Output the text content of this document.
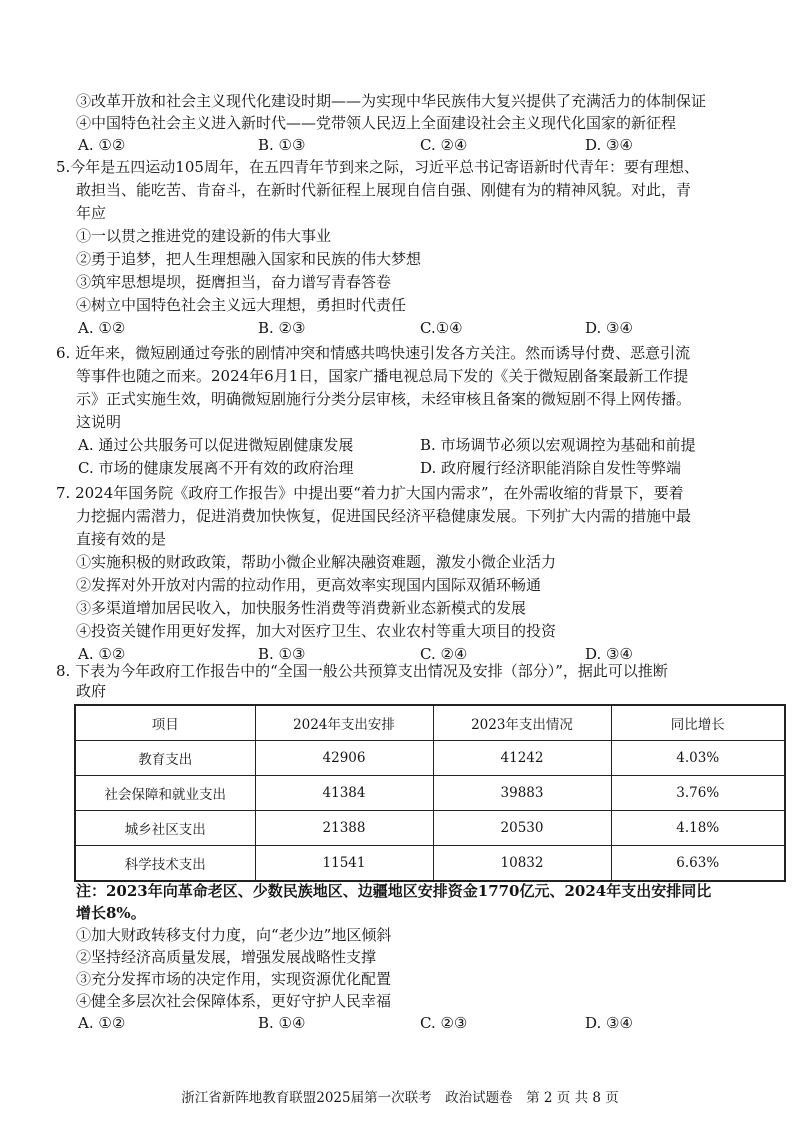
③改革开放和社会主义现代化建设时期——为实现中华民族伟大复兴提供了充满活力的体制保证
④中国特色社会主义进入新时代——党带领人民迈上全面建设社会主义现代化国家的新征程
A. ①②	B. ①③	C. ②④	D. ③④
5.今年是五四运动105周年，在五四青年节到来之际，习近平总书记寄语新时代青年：要有理想、
敢担当、能吃苦、肯奋斗，在新时代新征程上展现自信自强、刚健有为的精神风貌。对此，青
年应
①一以贯之推进党的建设新的伟大事业
②勇于追梦，把人生理想融入国家和民族的伟大梦想
③筑牢思想堤坝，挺膺担当，奋力谱写青春答卷
④树立中国特色社会主义远大理想，勇担时代责任
A. ①②	B. ②③	C.①④	D. ③④
6. 近年来，微短剧通过夸张的剧情冲突和情感共鸣快速引发各方关注。然而诱导付费、恶意引流
等事件也随之而来。2024年6月1日，国家广播电视总局下发的《关于微短剧备案最新工作提
示》正式实施生效，明确微短剧施行分类分层审核，未经审核且备案的微短剧不得上网传播。
这说明
A. 通过公共服务可以促进微短剧健康发展	B. 市场调节必须以宏观调控为基础和前提
C. 市场的健康发展离不开有效的政府治理	D. 政府履行经济职能消除自发性等弊端
7. 2024年国务院《政府工作报告》中提出要“着力扩大国内需求”，在外需收缩的背景下，要着
力挖掘内需潜力，促进消费加快恢复，促进国民经济平稳健康发展。下列扩大内需的措施中最
直接有效的是
①实施积极的财政政策，帮助小微企业解决融资难题，激发小微企业活力
②发挥对外开放对内需的拉动作用，更高效率实现国内国际双循环畅通
③多渠道增加居民收入，加快服务性消费等消费新业态新模式的发展
④投资关键作用更好发挥，加大对医疗卫生、农业农村等重大项目的投资
A. ①②	B. ①③	C. ②④	D. ③④
8. 下表为今年政府工作报告中的“全国一般公共预算支出情况及安排（部分）”，据此可以推断
项目	2024年支出安排	2023年支出情况	同比增长
教育支出	42906	41242	4.03%
社会保障和就业支出	41384	39883	3.76%
城乡社区支出	21388	20530	4.18%
科学技术支出	11541	10832	6.63%
政府
注：2023年向革命老区、少数民族地区、边疆地区安排资金1770亿元、2024年支出安排同比
增长8%。
①加大财政转移支付力度，向“老少边”地区倾斜
②坚持经济高质量发展，增强发展战略性支撑
③充分发挥市场的决定作用，实现资源优化配置
④健全多层次社会保障体系，更好守护人民幸福
A. ①②	B. ①④	C. ②③	D. ③④
浙江省新阵地教育联盟2025届第一次联考　政治试题卷　第 2 页 共 8 页
